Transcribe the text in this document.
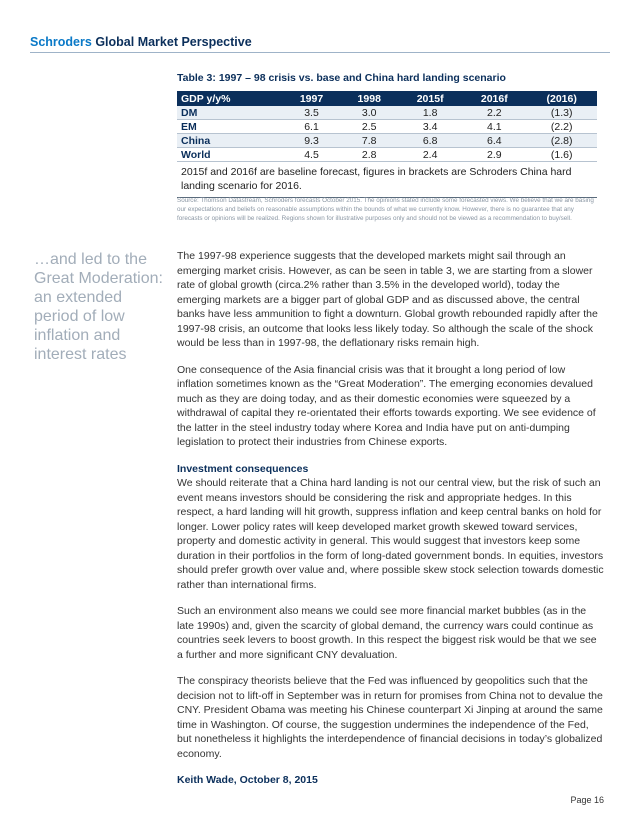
Schroders Global Market Perspective
Table 3: 1997 – 98 crisis vs. base and China hard landing scenario
GDP y/y%	1997	1998	2015f	2016f	(2016)
DM	3.5	3.0	1.8	2.2	(1.3)
EM	6.1	2.5	3.4	4.1	(2.2)
China	9.3	7.8	6.8	6.4	(2.8)
World	4.5	2.8	2.4	2.9	(1.6)
2015f and 2016f are baseline forecast, figures in brackets are Schroders China hard landing scenario for 2016.
Source: Thomson Datastream, Schroders forecasts October 2015. The opinions stated include some forecasted views. We believe that we are basing our expectations and beliefs on reasonable assumptions within the bounds of what we currently know. However, there is no guarantee that any forecasts or opinions will be realized. Regions shown for illustrative purposes only and should not be viewed as a recommendation to buy/sell.
…and led to the Great Moderation: an extended period of low inflation and interest rates

The 1997-98 experience suggests that the developed markets might sail through an emerging market crisis. However, as can be seen in table 3, we are starting from a slower rate of global growth (circa.2% rather than 3.5% in the developed world), today the emerging markets are a bigger part of global GDP and as discussed above, the central banks have less ammunition to fight a downturn. Global growth rebounded rapidly after the 1997-98 crisis, an outcome that looks less likely today. So although the scale of the shock would be less than in 1997-98, the deflationary risks remain high.

One consequence of the Asia financial crisis was that it brought a long period of low inflation sometimes known as the “Great Moderation”. The emerging economies devalued much as they are doing today, and as their domestic economies were squeezed by a withdrawal of capital they re-orientated their efforts towards exporting. We see evidence of the latter in the steel industry today where Korea and India have put on anti-dumping legislation to protect their industries from Chinese exports.

Investment consequences

We should reiterate that a China hard landing is not our central view, but the risk of such an event means investors should be considering the risk and appropriate hedges. In this respect, a hard landing will hit growth, suppress inflation and keep central banks on hold for longer. Lower policy rates will keep developed market growth skewed toward services, property and domestic activity in general. This would suggest that investors keep some duration in their portfolios in the form of long-dated government bonds. In equities, investors should prefer growth over value and, where possible skew stock selection towards domestic rather than international firms.

Such an environment also means we could see more financial market bubbles (as in the late 1990s) and, given the scarcity of global demand, the currency wars could continue as countries seek levers to boost growth. In this respect the biggest risk would be that we see a further and more significant CNY devaluation.

The conspiracy theorists believe that the Fed was influenced by geopolitics such that the decision not to lift-off in September was in return for promises from China not to devalue the CNY. President Obama was meeting his Chinese counterpart Xi Jinping at around the same time in Washington. Of course, the suggestion undermines the independence of the Fed, but nonetheless it highlights the interdependence of financial decisions in today’s globalized economy.

Keith Wade, October 8, 2015

Page 16
